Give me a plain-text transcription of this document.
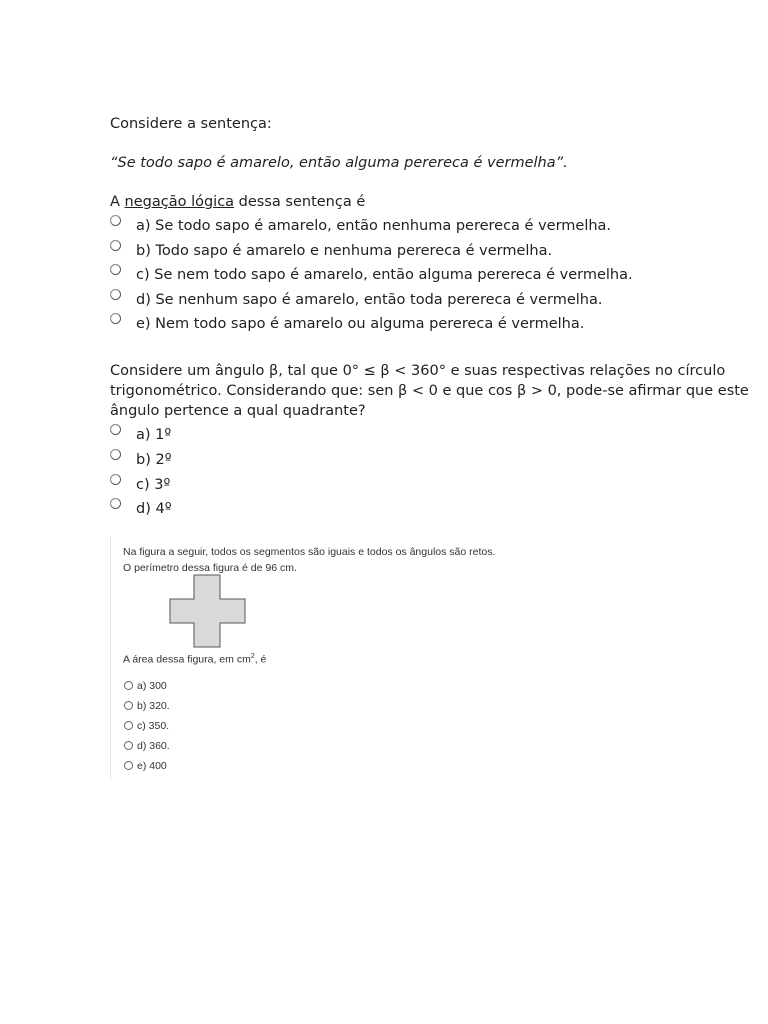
Considere a sentença:
“Se todo sapo é amarelo, então alguma perereca é vermelha”.
A negação lógica dessa sentença é
a) Se todo sapo é amarelo, então nenhuma perereca é vermelha.
b) Todo sapo é amarelo e nenhuma perereca é vermelha.
c) Se nem todo sapo é amarelo, então alguma perereca é vermelha.
d) Se nenhum sapo é amarelo, então toda perereca é vermelha.
e) Nem todo sapo é amarelo ou alguma perereca é vermelha.
Considere um ângulo β, tal que 0° ≤ β < 360° e suas respectivas relações no círculo
trigonométrico. Considerando que: sen β < 0 e que cos β > 0, pode-se afirmar que este
ângulo pertence a qual quadrante?
a) 1º
b) 2º
c) 3º
d) 4º
Na figura a seguir, todos os segmentos são iguais e todos os ângulos são retos.
O perímetro dessa figura é de 96 cm.
A área dessa figura, em $cm^2$, é
a) 300
b) 320.
c) 350.
d) 360.
e) 400
